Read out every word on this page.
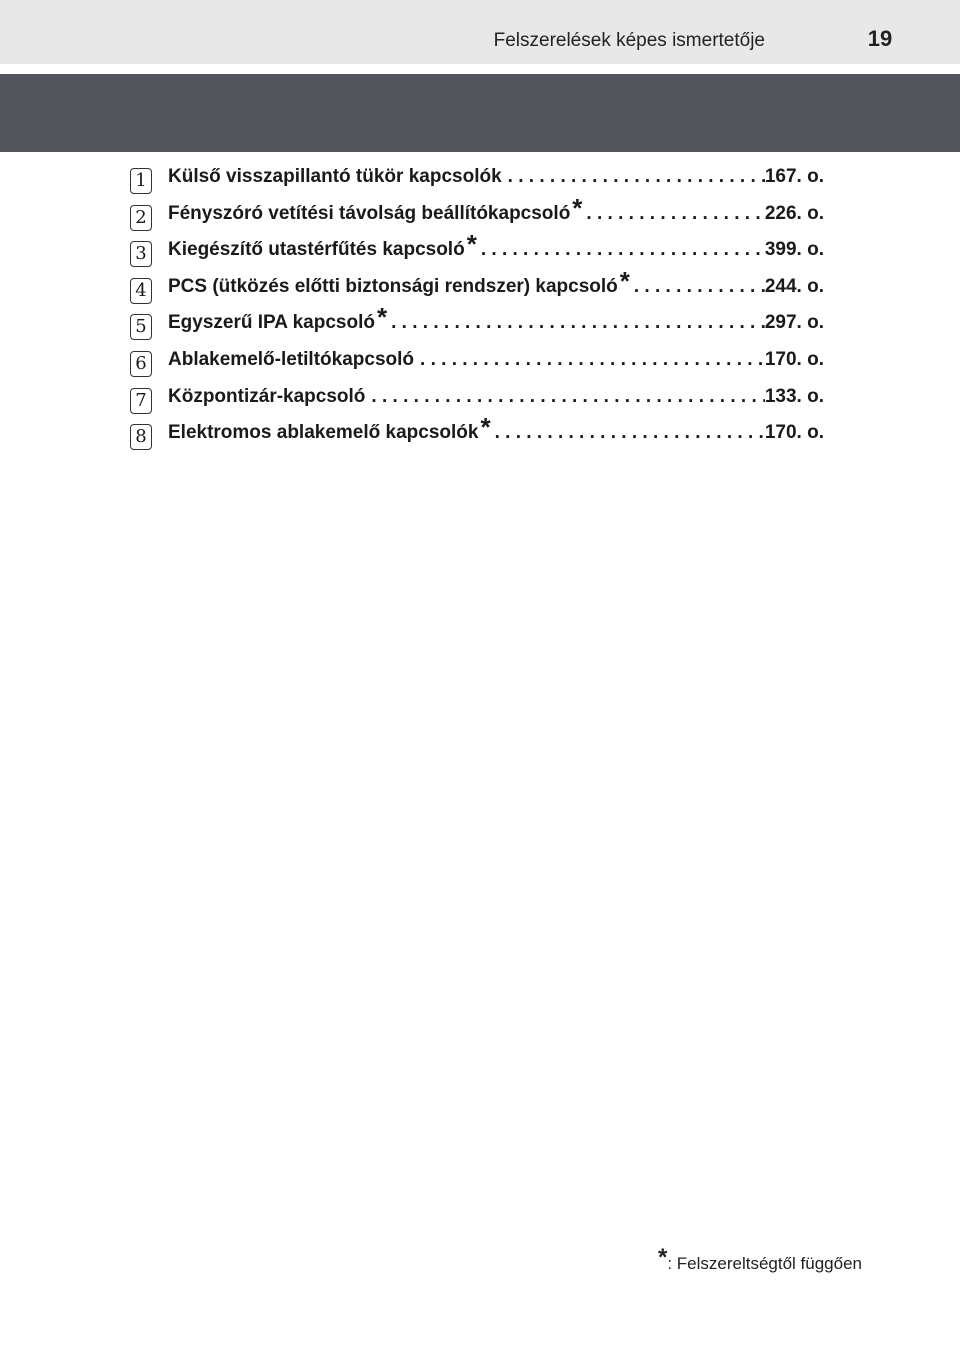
Felszerelések képes ismertetője	19
1 Külső visszapillantó tükör kapcsolók . . .	167. o.
2 Fényszóró vetítési távolság beállítókapcsoló* . . .	226. o.
3 Kiegészítő utastérfűtés kapcsoló* . . .	399. o.
4 PCS (ütközés előtti biztonsági rendszer) kapcsoló* . . .	244. o.
5 Egyszerű IPA kapcsoló* . . .	297. o.
6 Ablakemelő-letiltókapcsoló . . .	170. o.
7 Központizár-kapcsoló . . .	133. o.
8 Elektromos ablakemelő kapcsolók* . . .	170. o.
*: Felszereltségtől függően
